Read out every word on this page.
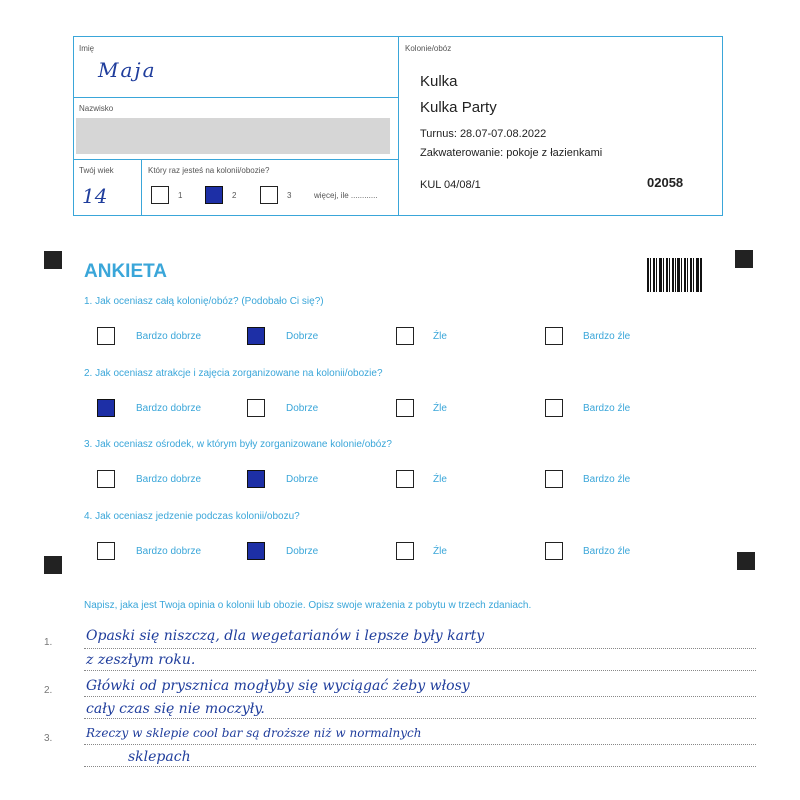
Imię
Maja
Nazwisko
Twój wiek
14
Który raz jesteś na kolonii/obozie?
1	2	3	więcej, ile ............
Kolonie/obóz
Kulka
Kulka Party
Turnus: 28.07-07.08.2022
Zakwaterowanie: pokoje z łazienkami
KUL 04/08/1	02058
ANKIETA
1. Jak oceniasz całą kolonię/obóz? (Podobało Ci się?)
2. Jak oceniasz atrakcje i zajęcia zorganizowane na kolonii/obozie?
3. Jak oceniasz ośrodek, w którym były zorganizowane kolonie/obóz?
4. Jak oceniasz jedzenie podczas kolonii/obozu?
Bardzo dobrze	Dobrze	Źle	Bardzo źle
Bardzo dobrze	Dobrze	Źle	Bardzo źle
Bardzo dobrze	Dobrze	Źle	Bardzo źle
Bardzo dobrze	Dobrze	Źle	Bardzo źle
Napisz, jaka jest Twoja opinia o kolonii lub obozie. Opisz swoje wrażenia z pobytu w trzech zdaniach.
1.
2.
3.
Opaski się niszczą, dla wegetarianów i lepsze były karty
z zeszłym roku.
Główki od prysznica mogłyby się wyciągać żeby włosy
cały czas się nie moczyły.
Rzeczy w sklepie cool bar są droższe niż w normalnych
sklepach
